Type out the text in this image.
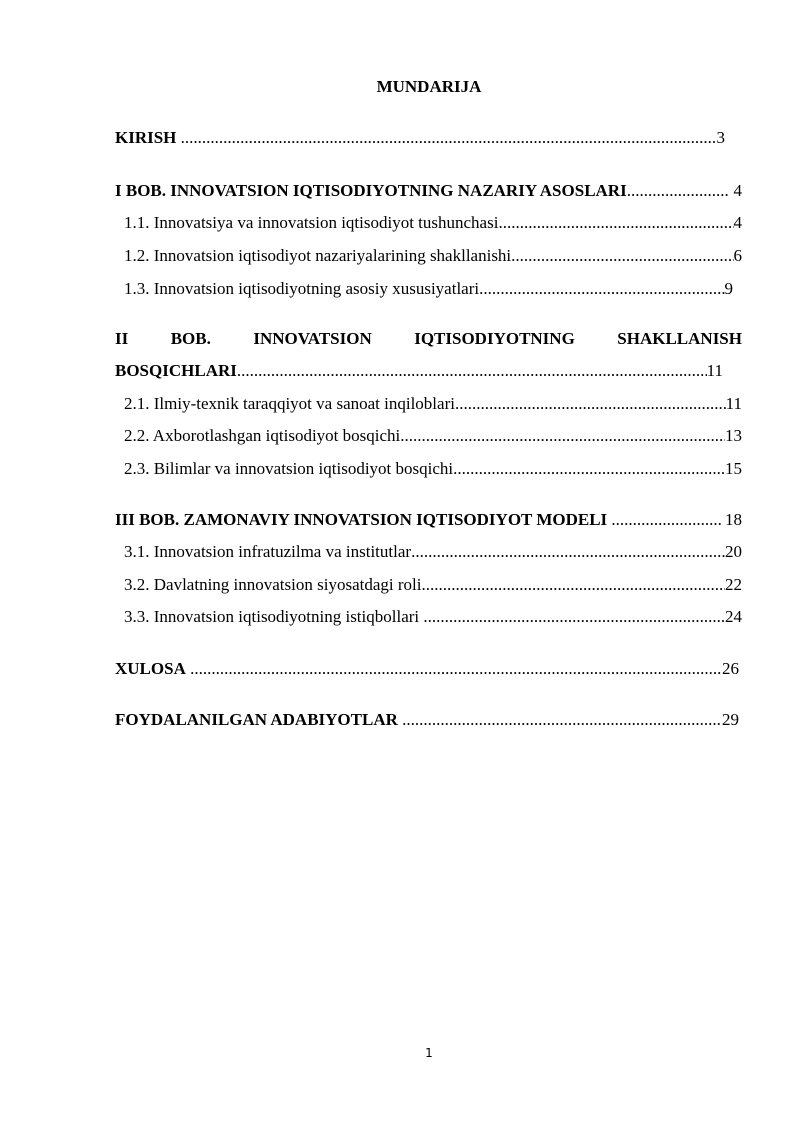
MUNDARIJA
KIRISH .....	3
I BOB. INNOVATSION IQTISODIYOTNING NAZARIY ASOSLARI .....	4
1.1. Innovatsiya va innovatsion iqtisodiyot tushunchasi .....	4
1.2. Innovatsion iqtisodiyot nazariyalarining shakllanishi .....	6
1.3. Innovatsion iqtisodiyotning asosiy xususiyatlari .....	9
II BOB. INNOVATSION IQTISODIYOTNING SHAKLLANISH
BOSQICHLARI .....	11
2.1. Ilmiy-texnik taraqqiyot va sanoat inqiloblari .....	11
2.2. Axborotlashgan iqtisodiyot bosqichi .....	13
2.3. Bilimlar va innovatsion iqtisodiyot bosqichi .....	15
III BOB. ZAMONAVIY INNOVATSION IQTISODIYOT MODELI .....	18
3.1. Innovatsion infratuzilma va institutlar .....	20
3.2. Davlatning innovatsion siyosatdagi roli .....	22
3.3. Innovatsion iqtisodiyotning istiqbollari .....	24
XULOSA .....	26
FOYDALANILGAN ADABIYOTLAR .....	29
1
